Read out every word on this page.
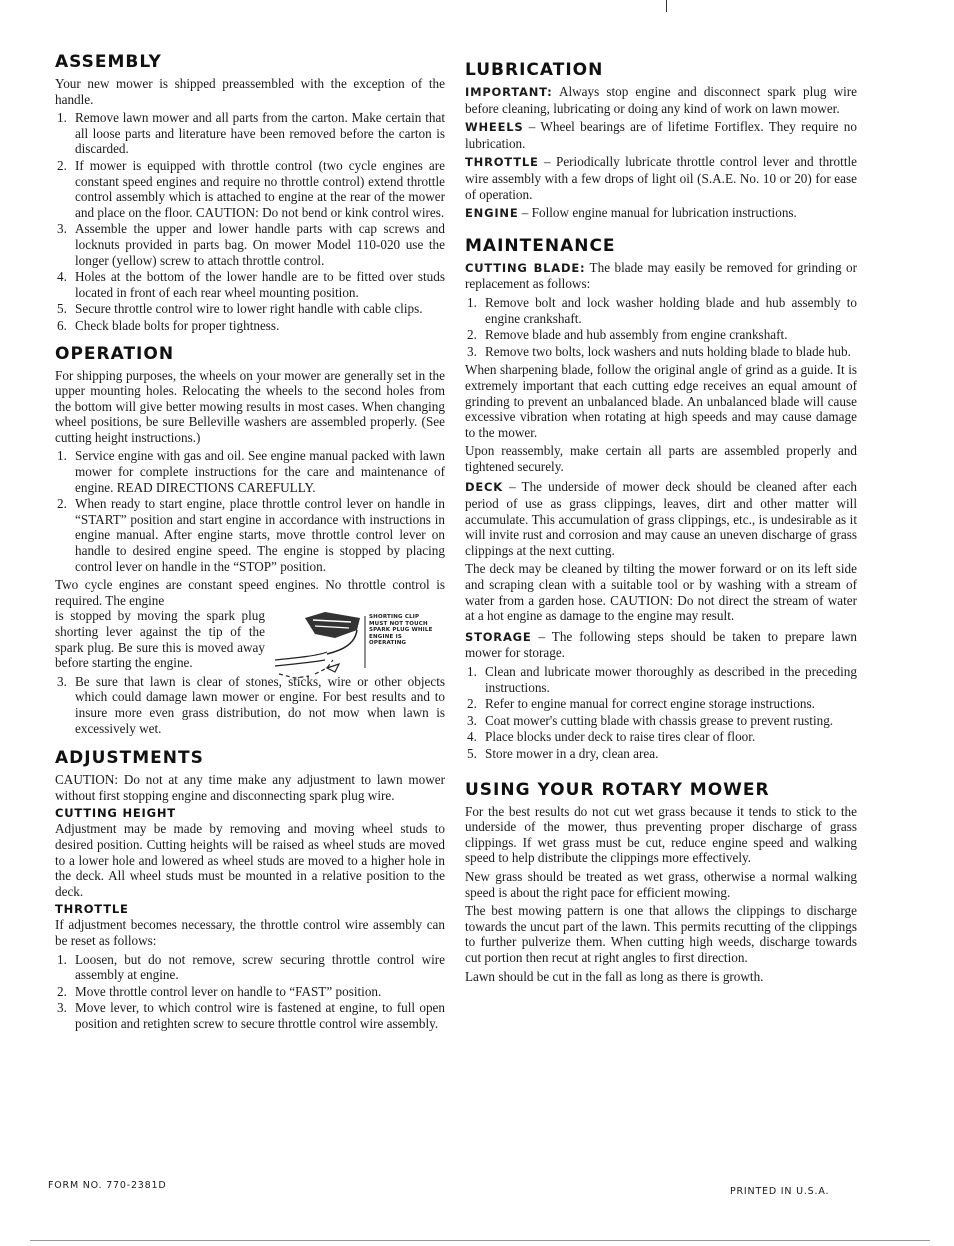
ASSEMBLY

Your new mower is shipped preassembled with the exception of the handle.

1. Remove lawn mower and all parts from the carton. Make certain that all loose parts and literature have been removed before the carton is discarded.
2. If mower is equipped with throttle control (two cycle engines are constant speed engines and require no throttle control) extend throttle control assembly which is attached to engine at the rear of the mower and place on the floor. CAUTION: Do not bend or kink control wires.
3. Assemble the upper and lower handle parts with cap screws and locknuts provided in parts bag. On mower Model 110-020 use the longer (yellow) screw to attach throttle control.
4. Holes at the bottom of the lower handle are to be fitted over studs located in front of each rear wheel mounting position.
5. Secure throttle control wire to lower right handle with cable clips.
6. Check blade bolts for proper tightness.
OPERATION

For shipping purposes, the wheels on your mower are generally set in the upper mounting holes. Relocating the wheels to the second holes from the bottom will give better mowing results in most cases. When changing wheel positions, be sure Belleville washers are assembled properly. (See cutting height instructions.)

1. Service engine with gas and oil. See engine manual packed with lawn mower for complete instructions for the care and maintenance of engine. READ DIRECTIONS CAREFULLY.
2. When ready to start engine, place throttle control lever on handle in “START” position and start engine in accordance with instructions in engine manual. After engine starts, move throttle control lever on handle to desired engine speed. The engine is stopped by placing control lever on handle in the “STOP” position.

Two cycle engines are constant speed engines. No throttle control is required. The engine

is stopped by moving the spark plug shorting lever against the tip of the spark plug. Be sure this is moved away before starting the engine.

SHORTING CLIP MUST NOT TOUCH SPARK PLUG WHILE ENGINE IS OPERATING
3. Be sure that lawn is clear of stones, sticks, wire or other objects which could damage lawn mower or engine. For best results and to insure more even grass distribution, do not mow when lawn is excessively wet.
ADJUSTMENTS

CAUTION: Do not at any time make any adjustment to lawn mower without first stopping engine and disconnecting spark plug wire.

CUTTING HEIGHT

Adjustment may be made by removing and moving wheel studs to desired position. Cutting heights will be raised as wheel studs are moved to a lower hole and lowered as wheel studs are moved to a higher hole in the deck. All wheel studs must be mounted in a relative position to the deck.

THROTTLE

If adjustment becomes necessary, the throttle control wire assembly can be reset as follows:

1. Loosen, but do not remove, screw securing throttle control wire assembly at engine.
2. Move throttle control lever on handle to “FAST” position.
3. Move lever, to which control wire is fastened at engine, to full open position and retighten screw to secure throttle control wire assembly.
LUBRICATION

IMPORTANT: Always stop engine and disconnect spark plug wire before cleaning, lubricating or doing any kind of work on lawn mower.

WHEELS – Wheel bearings are of lifetime Fortiflex. They require no lubrication.

THROTTLE – Periodically lubricate throttle control lever and throttle wire assembly with a few drops of light oil (S.A.E. No. 10 or 20) for ease of operation.

ENGINE – Follow engine manual for lubrication instructions.

MAINTENANCE

CUTTING BLADE: The blade may easily be removed for grinding or replacement as follows:

1. Remove bolt and lock washer holding blade and hub assembly to engine crankshaft.
2. Remove blade and hub assembly from engine crankshaft.
3. Remove two bolts, lock washers and nuts holding blade to blade hub.

When sharpening blade, follow the original angle of grind as a guide. It is extremely important that each cutting edge receives an equal amount of grinding to prevent an unbalanced blade. An unbalanced blade will cause excessive vibration when rotating at high speeds and may cause damage to the mower.

Upon reassembly, make certain all parts are assembled properly and tightened securely.

DECK – The underside of mower deck should be cleaned after each period of use as grass clippings, leaves, dirt and other matter will accumulate. This accumulation of grass clippings, etc., is undesirable as it will invite rust and corrosion and may cause an uneven discharge of grass clippings at the next cutting.

The deck may be cleaned by tilting the mower forward or on its left side and scraping clean with a suitable tool or by washing with a stream of water from a garden hose. CAUTION: Do not direct the stream of water at a hot engine as damage to the engine may result.

STORAGE – The following steps should be taken to prepare lawn mower for storage.

1. Clean and lubricate mower thoroughly as described in the preceding instructions.
2. Refer to engine manual for correct engine storage instructions.
3. Coat mower's cutting blade with chassis grease to prevent rusting.
4. Place blocks under deck to raise tires clear of floor.
5. Store mower in a dry, clean area.
USING YOUR ROTARY MOWER

For the best results do not cut wet grass because it tends to stick to the underside of the mower, thus preventing proper discharge of grass clippings. If wet grass must be cut, reduce engine speed and walking speed to help distribute the clippings more effectively.

New grass should be treated as wet grass, otherwise a normal walking speed is about the right pace for efficient mowing.

The best mowing pattern is one that allows the clippings to discharge towards the uncut part of the lawn. This permits recutting of the clippings to further pulverize them. When cutting high weeds, discharge towards cut portion then recut at right angles to first direction.

Lawn should be cut in the fall as long as there is growth.

FORM NO. 770-2381D
PRINTED IN U.S.A.
